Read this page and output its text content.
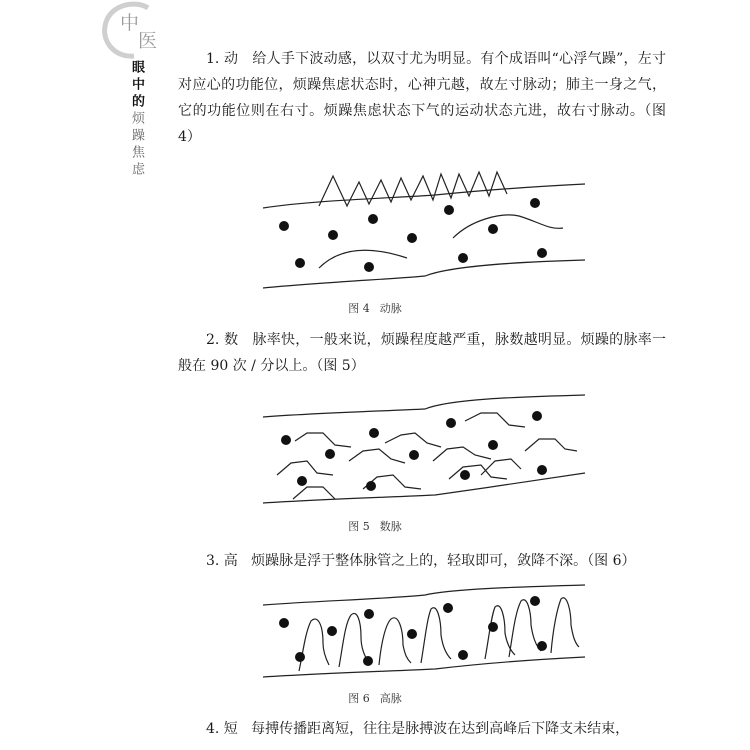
中
医
眼中的烦躁焦虑

1. 动 给人手下波动感，以双寸尤为明显。有个成语叫“心浮气躁”，左寸对应心的功能位，烦躁焦虑状态时，心神亢越，故左寸脉动；肺主一身之气，它的功能位则在右寸。烦躁焦虑状态下气的运动状态亢进，故右寸脉动。（图 4）

图 4 动脉

2. 数 脉率快，一般来说，烦躁程度越严重，脉数越明显。烦躁的脉率一般在 90 次 / 分以上。（图 5）

图 5 数脉

3. 高 烦躁脉是浮于整体脉管之上的，轻取即可，敛降不深。（图 6）

图 6 高脉

4. 短 每搏传播距离短，往往是脉搏波在达到高峰后下降支未结束，
